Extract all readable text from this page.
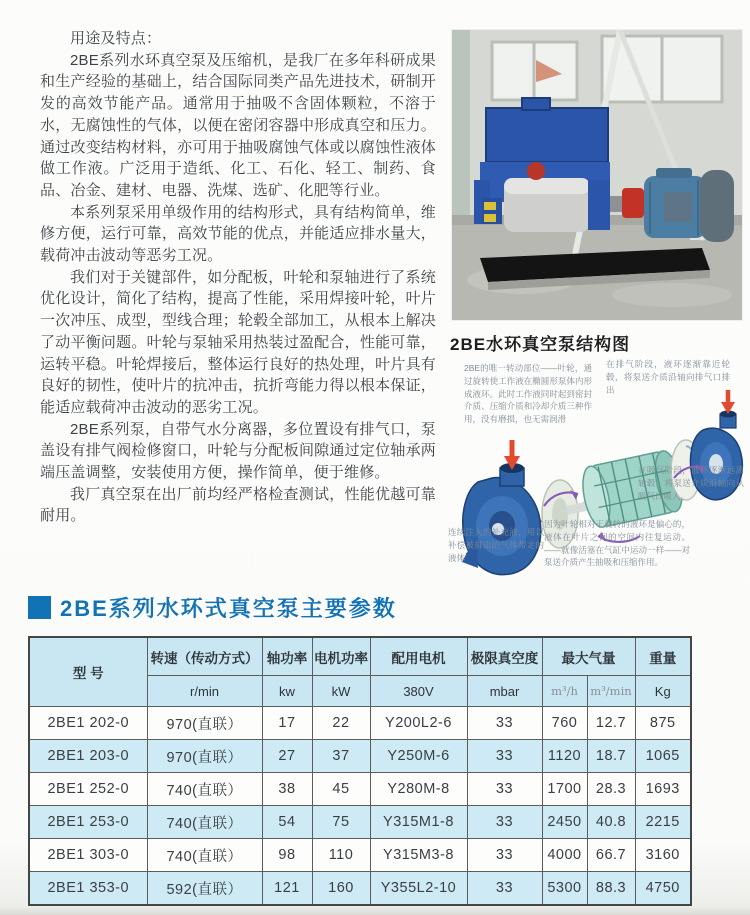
用途及特点：

2BE系列水环真空泵及压缩机，是我厂在多年科研成果和生产经验的基础上，结合国际同类产品先进技术，研制开发的高效节能产品。通常用于抽吸不含固体颗粒，不溶于水，无腐蚀性的气体，以便在密闭容器中形成真空和压力。通过改变结构材料，亦可用于抽吸腐蚀气体或以腐蚀性液体做工作液。广泛用于造纸、化工、石化、轻工、制药、食品、冶金、建材、电器、洗煤、选矿、化肥等行业。

本系列泵采用单级作用的结构形式，具有结构简单，维修方便，运行可靠，高效节能的优点，并能适应排水量大，载荷冲击波动等恶劣工况。

我们对于关键部件，如分配板，叶轮和泵轴进行了系统优化设计，简化了结构，提高了性能，采用焊接叶轮，叶片一次冲压、成型，型线合理；轮毂全部加工，从根本上解决了动平衡问题。叶轮与泵轴采用热装过盈配合，性能可靠，运转平稳。叶轮焊接后，整体运行良好的热处理，叶片具有良好的韧性，使叶片的抗冲击，抗折弯能力得以根本保证，能适应载荷冲击波动的恶劣工况。

2BE系列泵，自带气水分离器，多位置设有排气口，泵盖设有排气阀检修窗口，叶轮与分配板间隙通过定位轴承两端压盖调整，安装使用方便，操作简单，便于维修。

我厂真空泵在出厂前均经严格检查测试，性能优越可靠耐用。

2BE水环真空泵结构图

2BE的唯一转动部位——叶轮，通过旋转使工作液在椭圆形泵体内形成液环。此时工作液同时起到密封介质、压缩介质和冷却介质三种作用，没有磨损，也无需润滑
在排气阶段，液环逐渐靠近轮毂，将泵送介质沿轴向排气口排出
在吸气阶段，液环逐渐远离轮毂，将泵送介质沿轴向从吸气口吸入。
连续注入的补充液，用以补偿被排出的气体带走的液体
因为叶轮相对于旋转的液环是偏心的，液体在叶片之间的空间内往复运动。——就像活塞在气缸中运动一样——对泵送介质产生抽吸和压缩作用。
2BE系列水环式真空泵主要参数
型 号	转速（传动方式）	轴功率	电机功率	配用电机	极限真空度	最大气量		重量
	r/min	kw	kW	380V	mbar	m³/h	m³/min	Kg
2BE1 202-0	970(直联）	17	22	Y200L2-6	33	760	12.7	875
2BE1 203-0	970(直联）	27	37	Y250M-6	33	1120	18.7	1065
2BE1 252-0	740(直联）	38	45	Y280M-8	33	1700	28.3	1693
2BE1 253-0	740(直联）	54	75	Y315M1-8	33	2450	40.8	2215
2BE1 303-0	740(直联）	98	110	Y315M3-8	33	4000	66.7	3160
2BE1 353-0	592(直联）	121	160	Y355L2-10	33	5300	88.3	4750
